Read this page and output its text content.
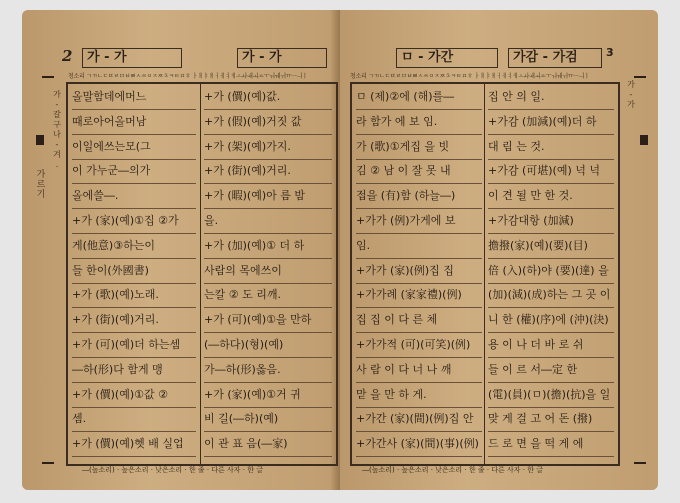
2	가 - 가	가 - 가
청소리 ㄱㄲㄴㄷㄸㄹㅁㅂㅃㅅㅆㅇㅈㅉㅊㅋㅌㅍㅎ ㅏㅐㅑㅒㅓㅔㅕㅖㅗㅘㅙㅚㅛㅜㅝㅞㅟㅠㅡㅢㅣ
가 - 갈 구 나 - 겨 .
가르기
올말함데에머느
때로아어올머남
이일에쓰는모(그
이 가누군―의가
올에쓸―.
+가 (家)(예)①집 ②가
게(他意)③하는이
들 한이(外國書)
+가 (歌)(예)노래.
+가 (街)(예)거리.
+가 (可)(예)더 하는셈
―하(形)다 함게 맹
+가 (價)(예)①값 ②
셈.
+가 (價)(예)헷 배 실업
+가 (價)(예)값.
+가 (假)(예)거짓 값
+가 (架)(예)가지.
+가 (街)(예)거리.
+가 (暇)(예)아 름 밤
을.
+가 (加)(예)① 더 하
사람의 목에쓰이
는칼 ② 도 리깨.
+가 (可)(예)①을 만하
(―하다)(형)(예)
가―하(形)옳음.
+가 (家)(예)①거 귀
비 길(―하)(예)
이 관 표 음(―家)
―(높소리) · 높은소리 · 낮은소리 · 한 줄 · 다른 사자 · 한 글
ㅁ - 가간	가감 - 가검	3
청소리 ㄱㄲㄴㄷㄸㄹㅁㅂㅃㅅㅆㅇㅈㅉㅊㅋㅌㅍㅎ ㅏㅐㅑㅒㅓㅔㅕㅖㅗㅘㅙㅚㅛㅜㅝㅞㅟㅠㅡㅢㅣ
가 - 가
ㅁ (제)②에 (해)를―
라 함가 에 보 임.
가 (歌)①게집 을 빗
김 ② 남 이 잘 못 내
접을 (有)함 (하늘―)
+가가 (例)가게에 보
임.
+가가 (家)(例)집 집
+가가례 (家家禮)(例)
집 집 이 다 른 체
+가가적 (可)(可笑)(例)
사 람 이 다 너 나 깨
맏 을 만 하 게.
+가간 (家)(間)(例)집 안
+가간사 (家)(間)(事)(例)
집 안 의 일.
+가감 (加減)(예)더 하
대 림 는 것.
+가감 (可堪)(예) 넉 넉
이 견 될 만 한 것.
+가감대항 (加減)
擔撥(家)(예)(要)(目)
倍 (入)(하)야 (要)(達) 을
(加)(減)(成)하는 그 곳 이
니 한 (權)(序)에 (沖)(決)
용 이 나 더 바 로 쉬
들 이 르 서―定 한
(電)(員)(ㅁ)(擔)(抗)을 일
맞 게 걸 고 어 돈 (撥)
드 로 면 을 떡 게 에
―(높소리) · 높은소리 · 낮은소리 · 한 줄 · 다른 사자 · 한 글
